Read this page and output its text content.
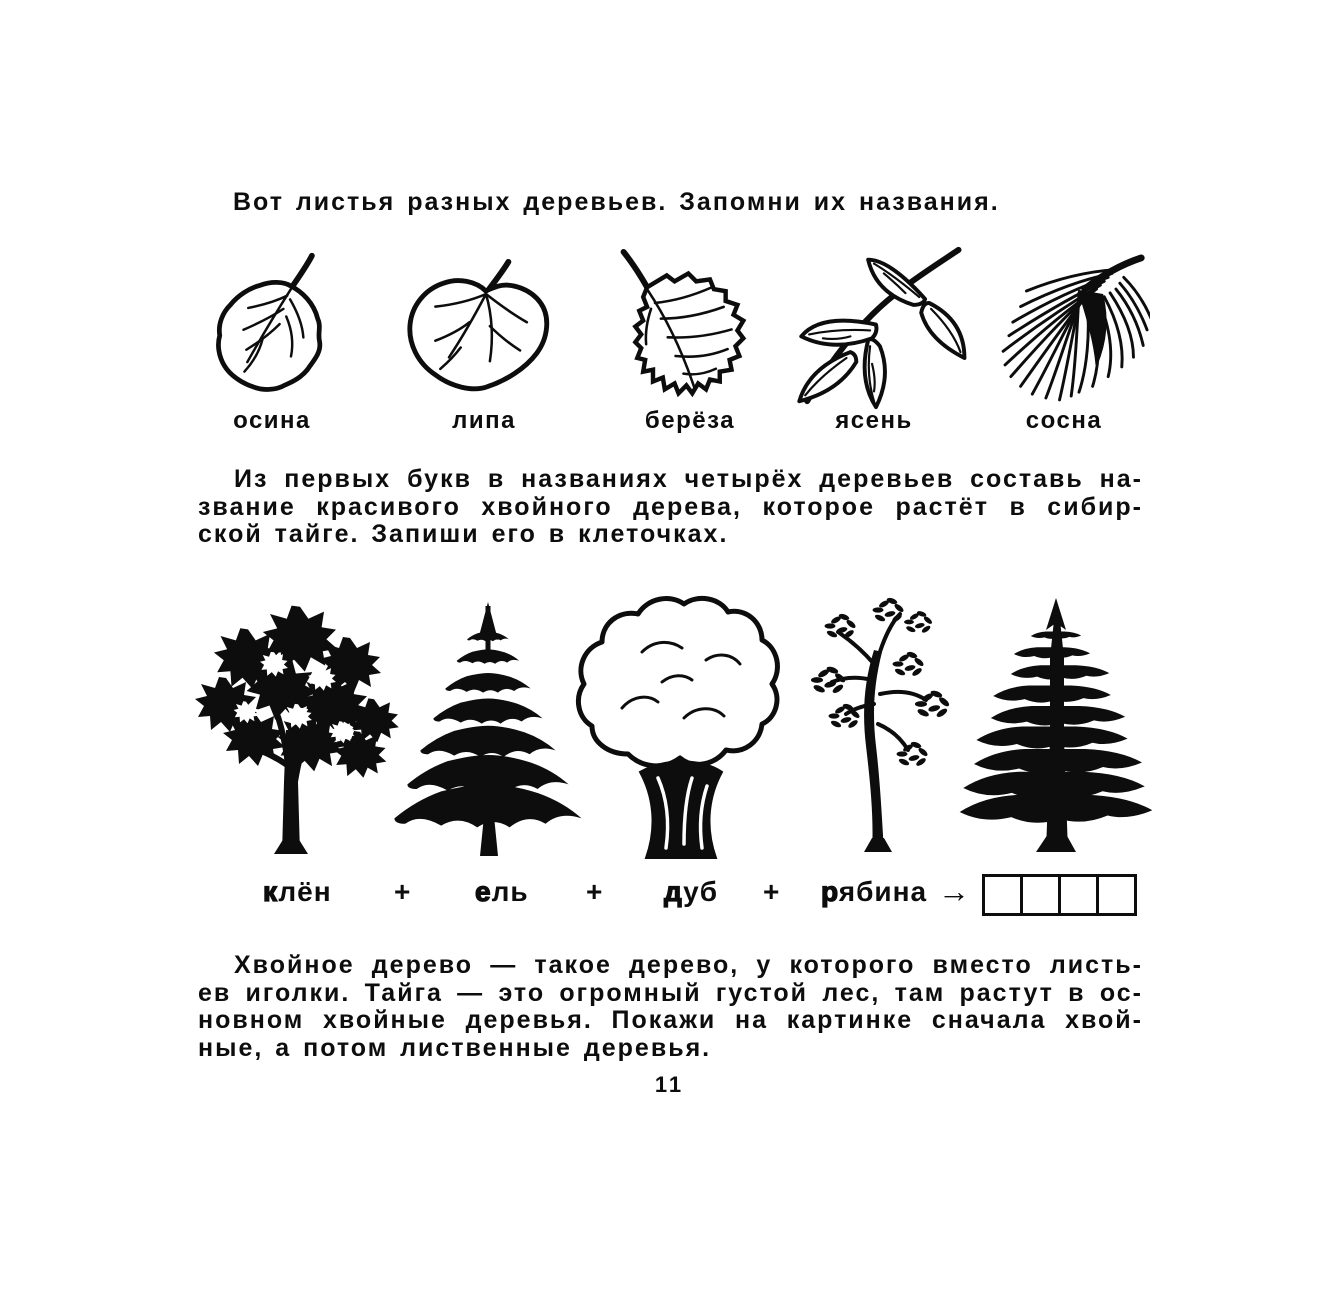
Вот листья разных деревьев. Запомни их названия.
осина	липа	берёза	ясень	сосна
Из первых букв в названиях четырёх деревьев составь на-
звание красивого хвойного дерева, которое растёт в сибир-
ской тайге. Запиши его в клеточках.
клён + ель + дуб + рябина →
Хвойное дерево — такое дерево, у которого вместо листь-
ев иголки. Тайга — это огромный густой лес, там растут в ос-
новном хвойные деревья. Покажи на картинке сначала хвой-
ные, а потом лиственные деревья.
11
